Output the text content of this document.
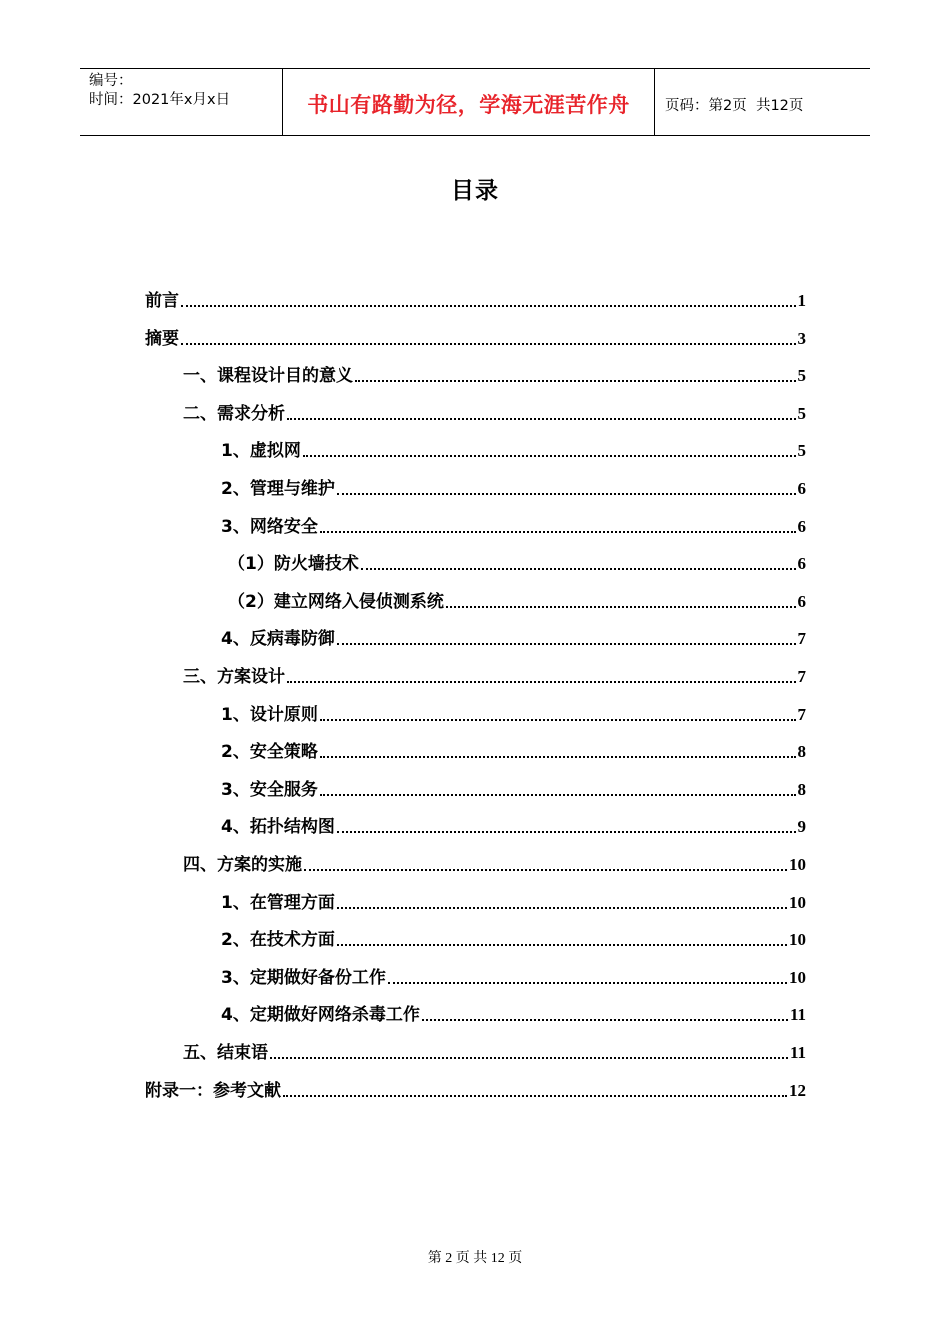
编号：
时间：2021年x月x日	书山有路勤为径，学海无涯苦作舟	页码：第2页  共12页
目录
前言	1
摘要	3
一、课程设计目的意义	5
二、需求分析	5
1、虚拟网	5
2、管理与维护	6
3、网络安全	6
（1）防火墙技术	6
（2）建立网络入侵侦测系统	6
4、反病毒防御	7
三、方案设计	7
1、设计原则	7
2、安全策略	8
3、安全服务	8
4、拓扑结构图	9
四、方案的实施	10
1、在管理方面	10
2、在技术方面	10
3、定期做好备份工作	10
4、定期做好网络杀毒工作	11
五、结束语	11
附录一：参考文献	12
第 2 页 共 12 页
